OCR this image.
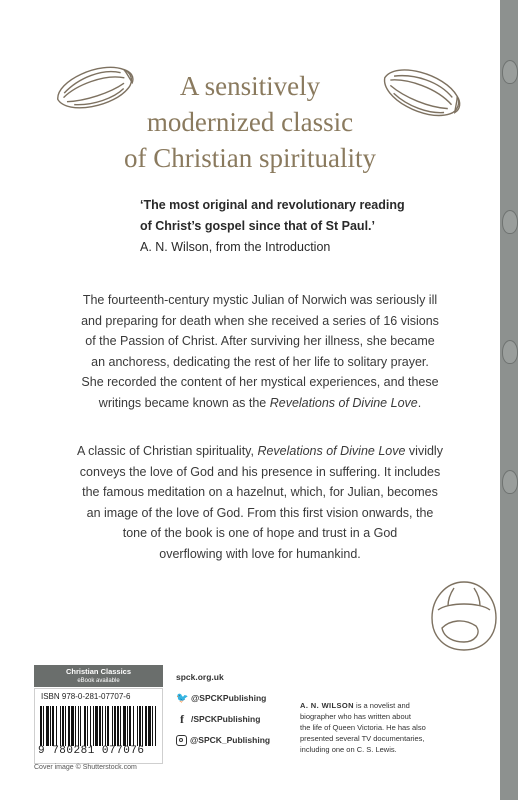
A sensitively
modernized classic
of Christian spirituality
‘The most original and revolutionary reading
of Christ’s gospel since that of St Paul.’
A. N. Wilson, from the Introduction
The fourteenth-century mystic Julian of Norwich was seriously ill
and preparing for death when she received a series of 16 visions
of the Passion of Christ. After surviving her illness, she became
an anchoress, dedicating the rest of her life to solitary prayer.
She recorded the content of her mystical experiences, and these
writings became known as the Revelations of Divine Love.
A classic of Christian spirituality, Revelations of Divine Love vividly
conveys the love of God and his presence in suffering. It includes
the famous meditation on a hazelnut, which, for Julian, becomes
an image of the love of God. From this first vision onwards, the
tone of the book is one of hope and trust in a God
overflowing with love for humankind.
Christian Classics
eBook available
ISBN 978-0-281-07707-6
9 780281 077076
Cover image © Shutterstock.com
spck.org.uk
🐦 @SPCKPublishing
f /SPCKPublishing
@SPCK_Publishing
A. N. WILSON is a novelist and
biographer who has written about
the life of Queen Victoria. He has also
presented several TV documentaries,
including one on C. S. Lewis.
